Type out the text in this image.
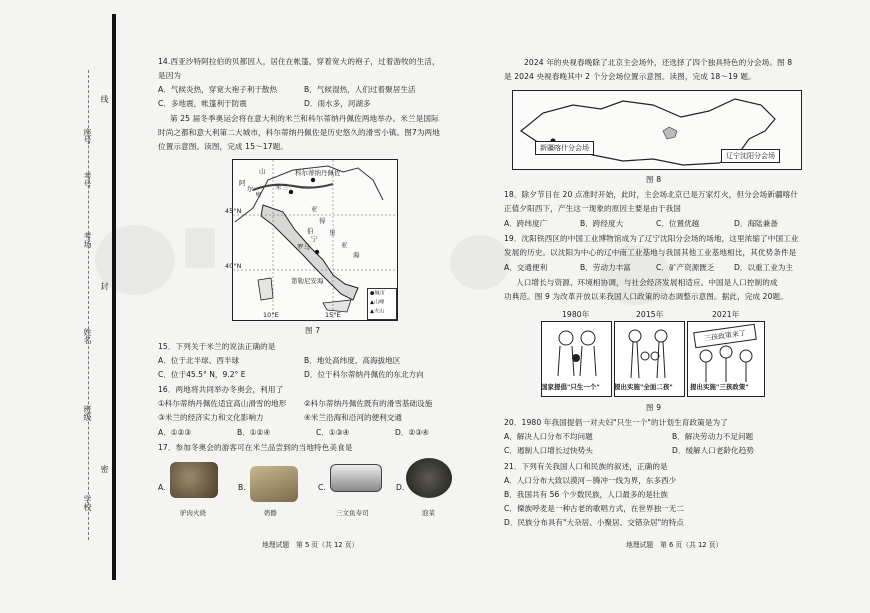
线
封
密
座号
考号
考场
姓名
班级
学校
14.西亚沙特阿拉伯的贝都因人，居住在帐篷，穿着宽大的袍子，过着游牧的生活，
是因为
A．气候炎热，穿宽大袍子利于散热	B．气候湿热，人们过着聚居生活
C．多地震，帐篷利于防震	D．雨水多，河湖多
第 25 届冬季奥运会将在意大利的米兰和科尔蒂纳丹佩佐两地举办。米兰是国际
时尚之都和意大利第二大城市，科尔蒂纳丹佩佐是历史悠久的滑雪小镇。图7为两地
位置示意图。读图，完成 15～17题。
科尔蒂纳丹佩佐
米兰
亚
得
里
亚
海
罗马
第勒尼安海
阿
尔
卑
山
伯
宁
45°N
40°N
10°E	15°E
●城市
▲山峰
▲火山
图 7
15．下列关于米兰的说法正确的是
A．位于北半球、西半球	B．地处高纬度、高海拔地区
C．位于45.5° N，9.2° E	D．位于科尔蒂纳丹佩佐的东北方向
16．两地将共同举办冬奥会，利用了
①科尔蒂纳丹佩佐适宜高山滑雪的地形 ②科尔蒂纳丹佩佐既有的滑雪基础设施
③米兰的经济实力和文化影响力	④米兰沿海和沿河的便利交通
A．①②③	B．①②④	C．①③④	D．②③④
17．参加冬奥会的游客可在米兰品尝到的当地特色美食是
A.
驴肉火烧
B.
奶酪
C.
三文鱼寿司
D.
泡菜
地理试题　第 5 页（共 12 页）
2024 年的央视春晚除了北京主会场外，还选择了四个独具特色的分会场。图 8
是 2024 央视春晚其中 2 个分会场位置示意图。读图，完成 18～19 题。
新疆喀什分会场
辽宁沈阳分会场
图 8
18．除夕节目在 20 点准时开始，此时，主会场北京已是万家灯火，但分会场新疆喀什
正值夕阳西下，产生这一现象的原因主要是由于我国
A．跨纬度广	B．跨经度大	C．位置优越	D．海陆兼备
19．沈阳铁西区的中国工业博物馆成为了辽宁沈阳分会场的场地，这里浓缩了中国工业
发展的历史。以沈阳为中心的辽中南工业基地与我国其他工业基地相比，其优势条件是
A．交通便利	B．劳动力丰富	C．矿产资源匮乏	D．以重工业为主
人口增长与资源、环境相协调，与社会经济发展相适应。中国是人口控制的成
功典范。图 9 为改革开放以来我国人口政策的动态调整示意图。据此，完成 20题。
1980年	2015年	2021年
三孩政策来了
国家提倡"只生一个" 提出实施"全面二孩"	提出实施"三孩政策"
图 9
20．1980 年我国提倡一对夫妇"只生一个"的计划生育政策是为了
A．解决人口分布不均问题	B．解决劳动力不足问题
C．遏制人口增长过快势头	D．缓解人口老龄化趋势
21．下列有关我国人口和民族的叙述，正确的是
A．人口分布大致以漠河－腾冲一线为界，东多西少
B．我国共有 56 个少数民族，人口最多的是壮族
C．傈族呼麦是一种古老的歌唱方式，在世界独一无二
D．民族分布具有"大杂居、小聚居、交错杂居"的特点
地理试题　第 6 页（共 12 页）
